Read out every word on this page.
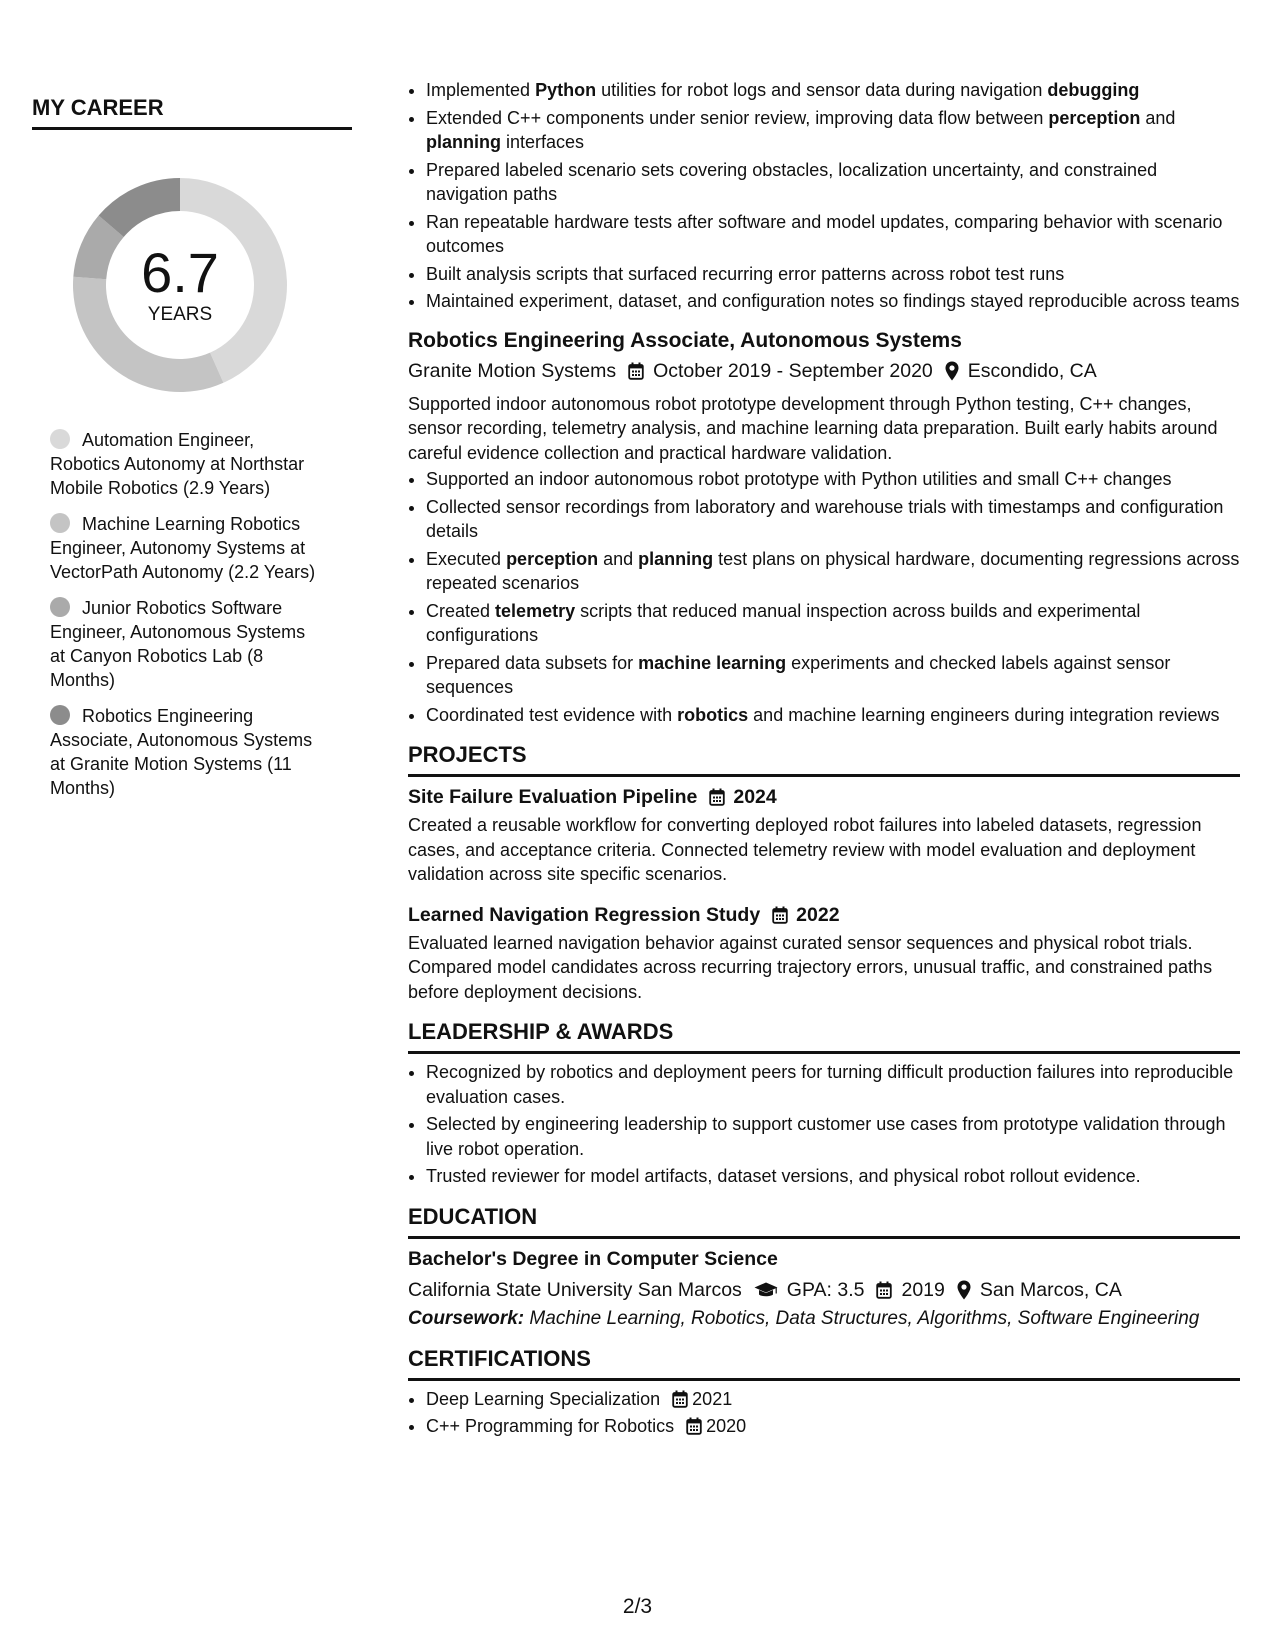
MY CAREER
6.7
YEARS
Automation Engineer, Robotics Autonomy at Northstar Mobile Robotics (2.9 Years)
Machine Learning Robotics Engineer, Autonomy Systems at VectorPath Autonomy (2.2 Years)
Junior Robotics Software Engineer, Autonomous Systems at Canyon Robotics Lab (8 Months)
Robotics Engineering Associate, Autonomous Systems at Granite Motion Systems (11 Months)
• Implemented Python utilities for robot logs and sensor data during navigation debugging
• Extended C++ components under senior review, improving data flow between perception and planning interfaces
• Prepared labeled scenario sets covering obstacles, localization uncertainty, and constrained navigation paths
• Ran repeatable hardware tests after software and model updates, comparing behavior with scenario outcomes
• Built analysis scripts that surfaced recurring error patterns across robot test runs
• Maintained experiment, dataset, and configuration notes so findings stayed reproducible across teams
Robotics Engineering Associate, Autonomous Systems
Granite Motion Systems October 2019 - September 2020 Escondido, CA
Supported indoor autonomous robot prototype development through Python testing, C++ changes, sensor recording, telemetry analysis, and machine learning data preparation. Built early habits around careful evidence collection and practical hardware validation.
• Supported an indoor autonomous robot prototype with Python utilities and small C++ changes
• Collected sensor recordings from laboratory and warehouse trials with timestamps and configuration details
• Executed perception and planning test plans on physical hardware, documenting regressions across repeated scenarios
• Created telemetry scripts that reduced manual inspection across builds and experimental configurations
• Prepared data subsets for machine learning experiments and checked labels against sensor sequences
• Coordinated test evidence with robotics and machine learning engineers during integration reviews
PROJECTS
Site Failure Evaluation Pipeline 2024
Created a reusable workflow for converting deployed robot failures into labeled datasets, regression cases, and acceptance criteria. Connected telemetry review with model evaluation and deployment validation across site specific scenarios.
Learned Navigation Regression Study 2022
Evaluated learned navigation behavior against curated sensor sequences and physical robot trials. Compared model candidates across recurring trajectory errors, unusual traffic, and constrained paths before deployment decisions.
LEADERSHIP & AWARDS
• Recognized by robotics and deployment peers for turning difficult production failures into reproducible evaluation cases.
• Selected by engineering leadership to support customer use cases from prototype validation through live robot operation.
• Trusted reviewer for model artifacts, dataset versions, and physical robot rollout evidence.
EDUCATION
Bachelor's Degree in Computer Science
California State University San Marcos GPA: 3.5 2019 San Marcos, CA
Coursework: Machine Learning, Robotics, Data Structures, Algorithms, Software Engineering
CERTIFICATIONS
• Deep Learning Specialization 2021
• C++ Programming for Robotics 2020
2/3
